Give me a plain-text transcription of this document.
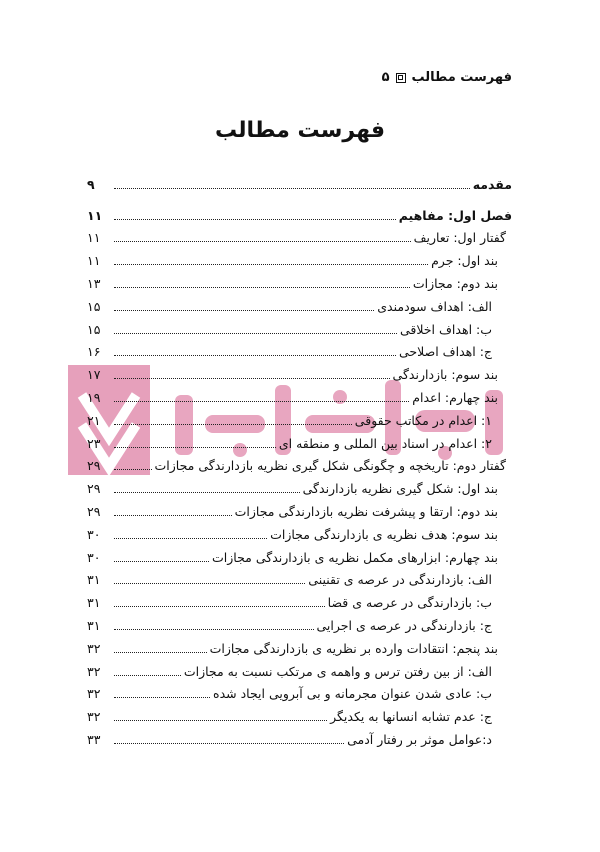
فهرست مطالب
۵
فهرست مطالب
مقدمه
۹
فصل اول: مفاهیم
۱۱
گفتار اول: تعاریف
۱۱
بند اول: جرم
۱۱
بند دوم: مجازات
۱۳
الف: اهداف سودمندی
۱۵
ب: اهداف اخلاقی
۱۵
ج: اهداف اصلاحی
۱۶
بند سوم: بازدارندگی
۱۷
بند چهارم: اعدام
۱۹
۱: اعدام در مکاتب حقوقی
۲۱
۲: اعدام در اسناد بین المللی و منطقه ای
۲۳
گفتار دوم: تاریخچه و چگونگی شکل گیری نظریه بازدارندگی مجازات
۲۹
بند اول: شکل گیری نظریه بازدارندگی
۲۹
بند دوم: ارتقا و پیشرفت نظریه بازدارندگی مجازات
۲۹
بند سوم: هدف نظریه ی بازدارندگی مجازات
۳۰
بند چهارم: ابزارهای مکمل نظریه ی بازدارندگی مجازات
۳۰
الف: بازدارندگی در عرصه ی تقنینی
۳۱
ب: بازدارندگی در عرصه ی قضا
۳۱
ج: بازدارندگی در عرصه ی اجرایی
۳۱
بند پنجم: انتقادات وارده بر نظریه ی بازدارندگی مجازات
۳۲
الف: از بین رفتن ترس و واهمه ی مرتکب نسبت به مجازات
۳۲
ب: عادی شدن عنوان مجرمانه و بی آبرویی ایجاد شده
۳۲
ج: عدم تشابه انسانها به یکدیگر
۳۲
د:عوامل موثر بر رفتار آدمی
۳۳
